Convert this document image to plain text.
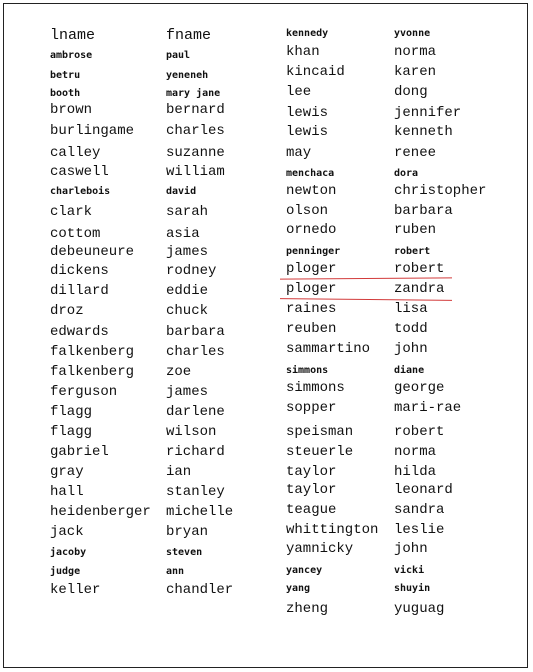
lname
ambrose
betru
booth
brown
burlingame
calley
caswell
charlebois
clark
cottom
debeuneure
dickens
dillard
droz
edwards
falkenberg
falkenberg
ferguson
flagg
flagg
gabriel
gray
hall
heidenberger
jack
jacoby
judge
keller
fname
paul
yeneneh
mary jane
bernard
charles
suzanne
william
david
sarah
asia
james
rodney
eddie
chuck
barbara
charles
zoe
james
darlene
wilson
richard
ian
stanley
michelle
bryan
steven
ann
chandler
kennedy
khan
kincaid
lee
lewis
lewis
may
menchaca
newton
olson
ornedo
penninger
ploger
ploger
raines
reuben
sammartino
simmons
simmons
sopper
speisman
steuerle
taylor
taylor
teague
whittington
yamnicky
yancey
yang
zheng
yvonne
norma
karen
dong
jennifer
kenneth
renee
dora
christopher
barbara
ruben
robert
robert
zandra
lisa
todd
john
diane
george
mari-rae
robert
norma
hilda
leonard
sandra
leslie
john
vicki
shuyin
yuguag
